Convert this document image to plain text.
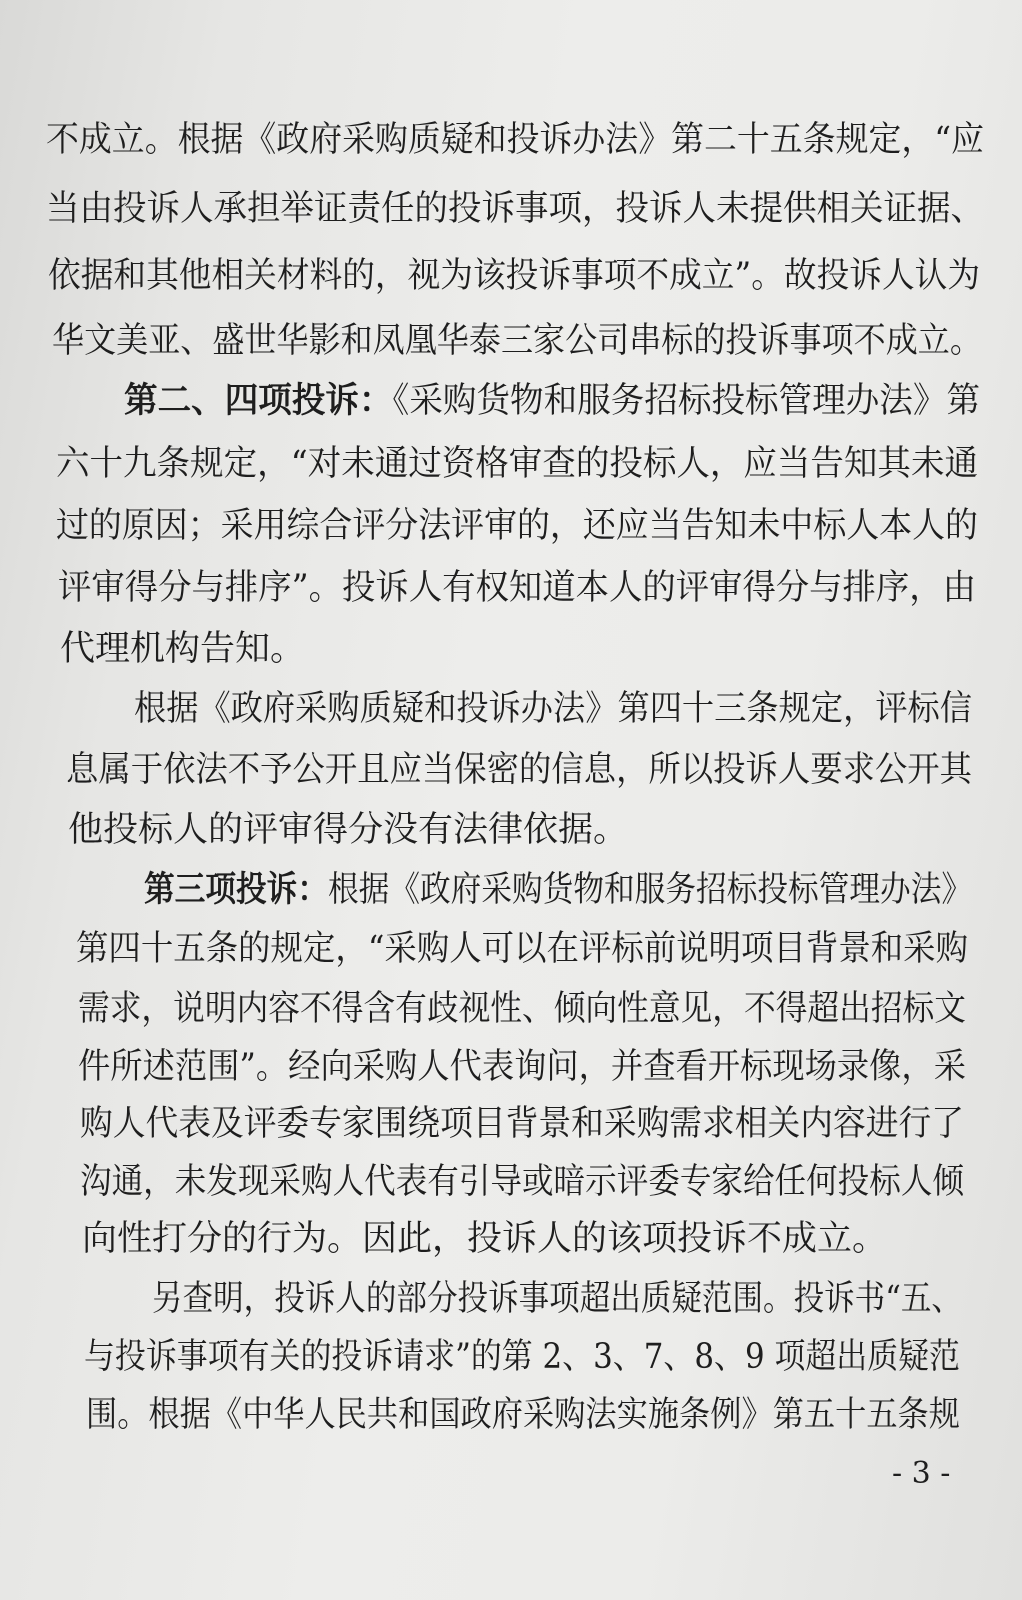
不成立。根据《政府采购质疑和投诉办法》第二十五条规定，“应
当由投诉人承担举证责任的投诉事项，投诉人未提供相关证据、
依据和其他相关材料的，视为该投诉事项不成立”。故投诉人认为
华文美亚、盛世华影和凤凰华泰三家公司串标的投诉事项不成立。
第二、四项投诉：《采购货物和服务招标投标管理办法》第
六十九条规定，“对未通过资格审查的投标人，应当告知其未通
过的原因；采用综合评分法评审的，还应当告知未中标人本人的
评审得分与排序”。投诉人有权知道本人的评审得分与排序，由
代理机构告知。
根据《政府采购质疑和投诉办法》第四十三条规定，评标信
息属于依法不予公开且应当保密的信息，所以投诉人要求公开其
他投标人的评审得分没有法律依据。
第三项投诉：根据《政府采购货物和服务招标投标管理办法》
第四十五条的规定，“采购人可以在评标前说明项目背景和采购
需求，说明内容不得含有歧视性、倾向性意见，不得超出招标文
件所述范围”。经向采购人代表询问，并查看开标现场录像，采
购人代表及评委专家围绕项目背景和采购需求相关内容进行了
沟通，未发现采购人代表有引导或暗示评委专家给任何投标人倾
向性打分的行为。因此，投诉人的该项投诉不成立。
另查明，投诉人的部分投诉事项超出质疑范围。投诉书“五、
与投诉事项有关的投诉请求”的第 2、3、7、8、9 项超出质疑范
围。根据《中华人民共和国政府采购法实施条例》第五十五条规
- 3 -
